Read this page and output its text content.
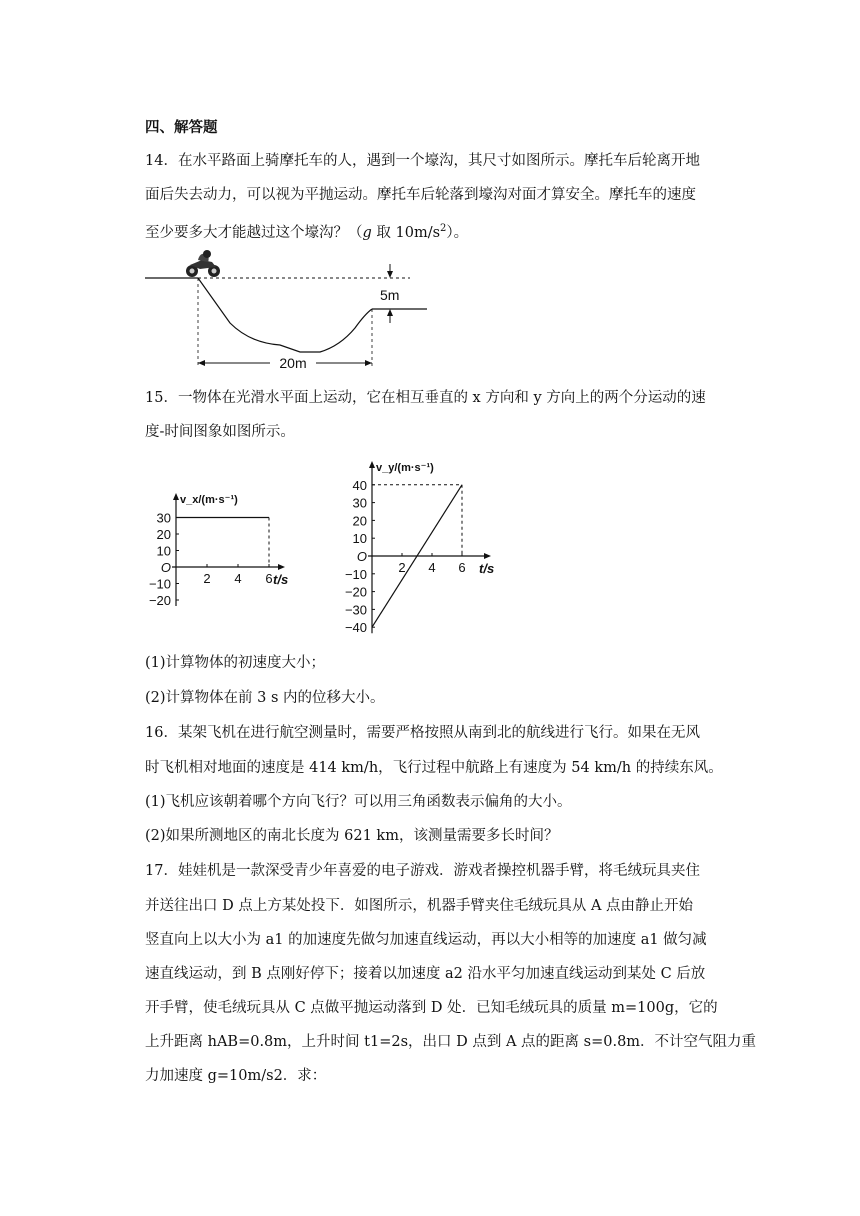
四、解答题
14．在水平路面上骑摩托车的人，遇到一个壕沟，其尺寸如图所示。摩托车后轮离开地
面后失去动力，可以视为平抛运动。摩托车后轮落到壕沟对面才算安全。摩托车的速度
至少要多大才能越过这个壕沟？（g 取 $10m/s^2$）。
20m
5m
15．一物体在光滑水平面上运动，它在相互垂直的 x 方向和 y 方向上的两个分运动的速
度-时间图象如图所示。
30
20
10
O
−10
−20
2 4 6 t/s
v_x/(m·s⁻¹)
40
30
20
10
O
−10
−20
−30
−40
2 4 6 t/s
v_y/(m·s⁻¹)
(1)计算物体的初速度大小；
(2)计算物体在前 3 s 内的位移大小。
16．某架飞机在进行航空测量时，需要严格按照从南到北的航线进行飞行。如果在无风
时飞机相对地面的速度是 414 km/h，飞行过程中航路上有速度为 54 km/h 的持续东风。
(1)飞机应该朝着哪个方向飞行？可以用三角函数表示偏角的大小。
(2)如果所测地区的南北长度为 621 km，该测量需要多长时间？
17．娃娃机是一款深受青少年喜爱的电子游戏．游戏者操控机器手臂，将毛绒玩具夹住
并送往出口 D 点上方某处投下．如图所示，机器手臂夹住毛绒玩具从 A 点由静止开始
竖直向上以大小为 a1 的加速度先做匀加速直线运动，再以大小相等的加速度 a1 做匀减
速直线运动，到 B 点刚好停下；接着以加速度 a2 沿水平匀加速直线运动到某处 C 后放
开手臂，使毛绒玩具从 C 点做平抛运动落到 D 处．已知毛绒玩具的质量 m=100g，它的
上升距离 hAB=0.8m，上升时间 t1=2s，出口 D 点到 A 点的距离 s=0.8m．不计空气阻力重
力加速度 g=10m/s2．求：
